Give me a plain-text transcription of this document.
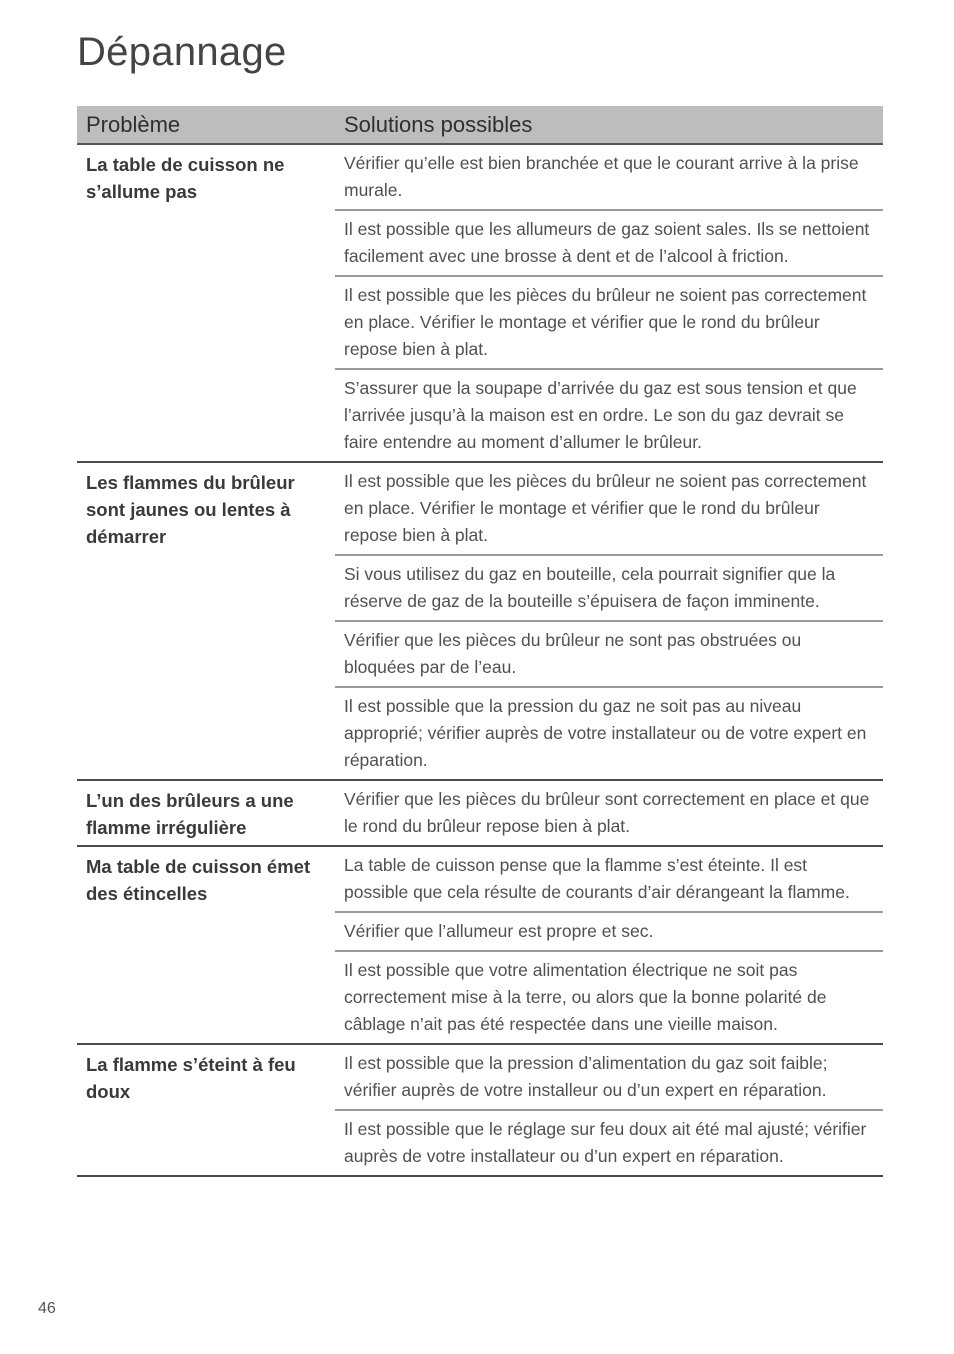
Dépannage
Problème	Solutions possibles
La table de cuisson ne s’allume pas
Vérifier qu’elle est bien branchée et que le courant arrive à la prise murale.
Il est possible que les allumeurs de gaz soient sales. Ils se nettoient facilement avec une brosse à dent et de l’alcool à friction.
Il est possible que les pièces du brûleur ne soient pas correctement en place. Vérifier le montage et vérifier que le rond du brûleur repose bien à plat.
S’assurer que la soupape d’arrivée du gaz est sous tension et que l’arrivée jusqu’à la maison est en ordre. Le son du gaz devrait se faire entendre au moment d’allumer le brûleur.
Les flammes du brûleur sont jaunes ou lentes à démarrer
Il est possible que les pièces du brûleur ne soient pas correctement en place. Vérifier le montage et vérifier que le rond du brûleur repose bien à plat.
Si vous utilisez du gaz en bouteille, cela pourrait signifier que la réserve de gaz de la bouteille s’épuisera de façon imminente.
Vérifier que les pièces du brûleur ne sont pas obstruées ou bloquées par de l’eau.
Il est possible que la pression du gaz ne soit pas au niveau approprié; vérifier auprès de votre installateur ou de votre expert en réparation.
L’un des brûleurs a une flamme irrégulière
Vérifier que les pièces du brûleur sont correctement en place et que le rond du brûleur repose bien à plat.
Ma table de cuisson émet des étincelles
La table de cuisson pense que la flamme s’est éteinte. Il est possible que cela résulte de courants d’air dérangeant la flamme.
Vérifier que l’allumeur est propre et sec.
Il est possible que votre alimentation électrique ne soit pas correctement mise à la terre, ou alors que la bonne polarité de câblage n’ait pas été respectée dans une vieille maison.
La flamme s’éteint à feu doux
Il est possible que la pression d’alimentation du gaz soit faible; vérifier auprès de votre installeur ou d’un expert en réparation.
Il est possible que le réglage sur feu doux ait été mal ajusté; vérifier auprès de votre installateur ou d’un expert en réparation.
46
